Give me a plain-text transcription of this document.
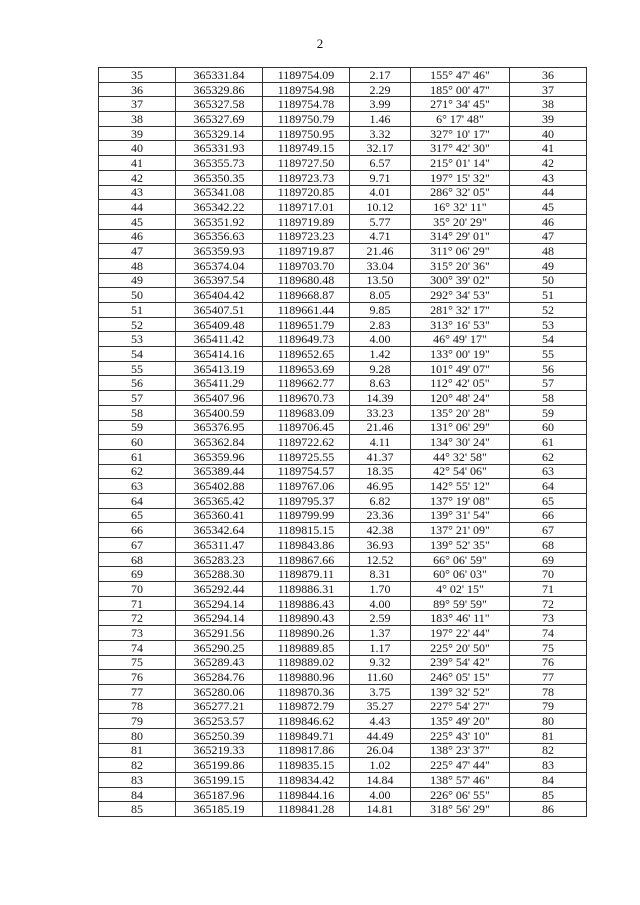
2
35	365331.84	1189754.09	2.17	155° 47' 46"	36
36	365329.86	1189754.98	2.29	185° 00' 47"	37
37	365327.58	1189754.78	3.99	271° 34' 45"	38
38	365327.69	1189750.79	1.46	6° 17' 48"	39
39	365329.14	1189750.95	3.32	327° 10' 17"	40
40	365331.93	1189749.15	32.17	317° 42' 30"	41
41	365355.73	1189727.50	6.57	215° 01' 14"	42
42	365350.35	1189723.73	9.71	197° 15' 32"	43
43	365341.08	1189720.85	4.01	286° 32' 05"	44
44	365342.22	1189717.01	10.12	16° 32' 11"	45
45	365351.92	1189719.89	5.77	35° 20' 29"	46
46	365356.63	1189723.23	4.71	314° 29' 01"	47
47	365359.93	1189719.87	21.46	311° 06' 29"	48
48	365374.04	1189703.70	33.04	315° 20' 36"	49
49	365397.54	1189680.48	13.50	300° 39' 02"	50
50	365404.42	1189668.87	8.05	292° 34' 53"	51
51	365407.51	1189661.44	9.85	281° 32' 17"	52
52	365409.48	1189651.79	2.83	313° 16' 53"	53
53	365411.42	1189649.73	4.00	46° 49' 17"	54
54	365414.16	1189652.65	1.42	133° 00' 19"	55
55	365413.19	1189653.69	9.28	101° 49' 07"	56
56	365411.29	1189662.77	8.63	112° 42' 05"	57
57	365407.96	1189670.73	14.39	120° 48' 24"	58
58	365400.59	1189683.09	33.23	135° 20' 28"	59
59	365376.95	1189706.45	21.46	131° 06' 29"	60
60	365362.84	1189722.62	4.11	134° 30' 24"	61
61	365359.96	1189725.55	41.37	44° 32' 58"	62
62	365389.44	1189754.57	18.35	42° 54' 06"	63
63	365402.88	1189767.06	46.95	142° 55' 12"	64
64	365365.42	1189795.37	6.82	137° 19' 08"	65
65	365360.41	1189799.99	23.36	139° 31' 54"	66
66	365342.64	1189815.15	42.38	137° 21' 09"	67
67	365311.47	1189843.86	36.93	139° 52' 35"	68
68	365283.23	1189867.66	12.52	66° 06' 59"	69
69	365288.30	1189879.11	8.31	60° 06' 03"	70
70	365292.44	1189886.31	1.70	4° 02' 15"	71
71	365294.14	1189886.43	4.00	89° 59' 59"	72
72	365294.14	1189890.43	2.59	183° 46' 11"	73
73	365291.56	1189890.26	1.37	197° 22' 44"	74
74	365290.25	1189889.85	1.17	225° 20' 50"	75
75	365289.43	1189889.02	9.32	239° 54' 42"	76
76	365284.76	1189880.96	11.60	246° 05' 15"	77
77	365280.06	1189870.36	3.75	139° 32' 52"	78
78	365277.21	1189872.79	35.27	227° 54' 27"	79
79	365253.57	1189846.62	4.43	135° 49' 20"	80
80	365250.39	1189849.71	44.49	225° 43' 10"	81
81	365219.33	1189817.86	26.04	138° 23' 37"	82
82	365199.86	1189835.15	1.02	225° 47' 44"	83
83	365199.15	1189834.42	14.84	138° 57' 46"	84
84	365187.96	1189844.16	4.00	226° 06' 55"	85
85	365185.19	1189841.28	14.81	318° 56' 29"	86
